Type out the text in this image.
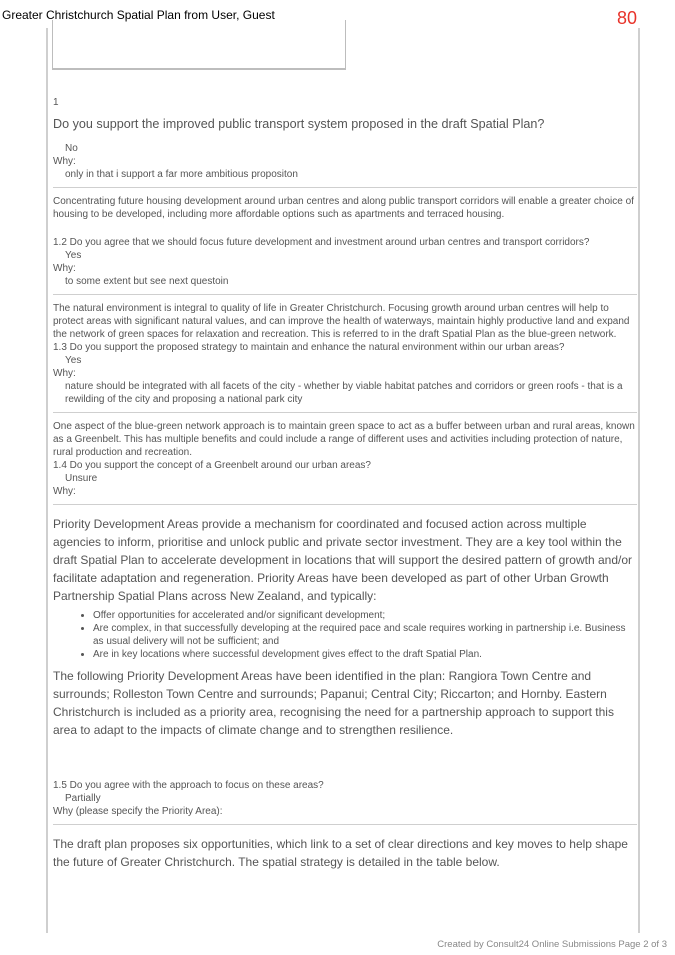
Greater Christchurch Spatial Plan from User, Guest	80
1
Do you support the improved public transport system proposed in the draft Spatial Plan?
No
Why:
only in that i support a far more ambitious propositon
Concentrating future housing development around urban centres and along public transport corridors will enable a greater choice of housing to be developed, including more affordable options such as apartments and terraced housing.
1.2 Do you agree that we should focus future development and investment around urban centres and transport corridors?
Yes
Why:
to some extent but see next questoin
The natural environment is integral to quality of life in Greater Christchurch. Focusing growth around urban centres will help to protect areas with significant natural values, and can improve the health of waterways, maintain highly productive land and expand the network of green spaces for relaxation and recreation. This is referred to in the draft Spatial Plan as the blue-green network.
1.3 Do you support the proposed strategy to maintain and enhance the natural environment within our urban areas?
Yes
Why:
nature should be integrated with all facets of the city - whether by viable habitat patches and corridors or green roofs - that is a rewilding of the city and proposing a national park city
One aspect of the blue-green network approach is to maintain green space to act as a buffer between urban and rural areas, known as a Greenbelt. This has multiple benefits and could include a range of different uses and activities including protection of nature, rural production and recreation.
1.4 Do you support the concept of a Greenbelt around our urban areas?
Unsure
Why:
Priority Development Areas provide a mechanism for coordinated and focused action across multiple agencies to inform, prioritise and unlock public and private sector investment. They are a key tool within the draft Spatial Plan to accelerate development in locations that will support the desired pattern of growth and/or facilitate adaptation and regeneration. Priority Areas have been developed as part of other Urban Growth Partnership Spatial Plans across New Zealand, and typically:
• Offer opportunities for accelerated and/or significant development;
• Are complex, in that successfully developing at the required pace and scale requires working in partnership i.e. Business as usual delivery will not be sufficient; and
• Are in key locations where successful development gives effect to the draft Spatial Plan.
The following Priority Development Areas have been identified in the plan: Rangiora Town Centre and surrounds; Rolleston Town Centre and surrounds; Papanui; Central City; Riccarton; and Hornby. Eastern Christchurch is included as a priority area, recognising the need for a partnership approach to support this area to adapt to the impacts of climate change and to strengthen resilience.
1.5 Do you agree with the approach to focus on these areas?
Partially
Why (please specify the Priority Area):
The draft plan proposes six opportunities, which link to a set of clear directions and key moves to help shape the future of Greater Christchurch. The spatial strategy is detailed in the table below.
Created by Consult24 Online Submissions Page 2 of 3
